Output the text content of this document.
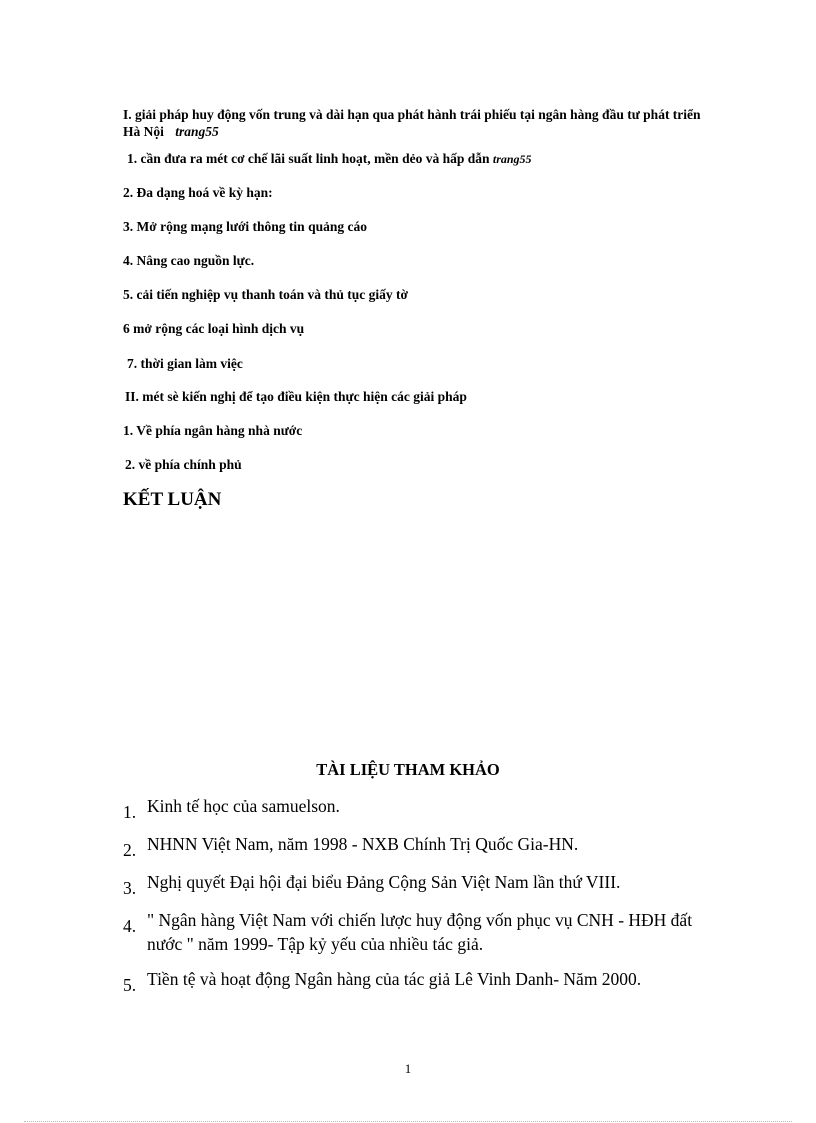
I. giải pháp huy động vốn trung và dài hạn qua phát hành trái phiếu tại ngân hàng đầu tư phát triển Hà Nội trang55
1. cần đưa ra mét cơ chế lãi suất linh hoạt, mền dẻo và hấp dẫn trang55
2. Đa dạng hoá về kỳ hạn:
3. Mở rộng mạng lưới thông tin quảng cáo
4. Nâng cao nguồn lực.
5. cải tiến nghiệp vụ thanh toán và thủ tục giấy tờ
6 mở rộng các loại hình dịch vụ
7. thời gian làm việc
II. mét sè kiến nghị để tạo điều kiện thực hiện các giải pháp
1. Về phía ngân hàng nhà nước
2. về phía chính phủ
KẾT LUẬN
TÀI LIỆU THAM KHẢO
1. Kinh tế học của samuelson.
2. NHNN Việt Nam, năm 1998 - NXB Chính Trị Quốc Gia-HN.
3. Nghị quyết Đại hội đại biểu Đảng Cộng Sản Việt Nam lần thứ VIII.
4. " Ngân hàng Việt Nam với chiến lược huy động vốn phục vụ CNH - HĐH đất nước " năm 1999- Tập kỷ yếu của nhiều tác giả.
5. Tiền tệ và hoạt động Ngân hàng của tác giả Lê Vinh Danh- Năm 2000.
1
